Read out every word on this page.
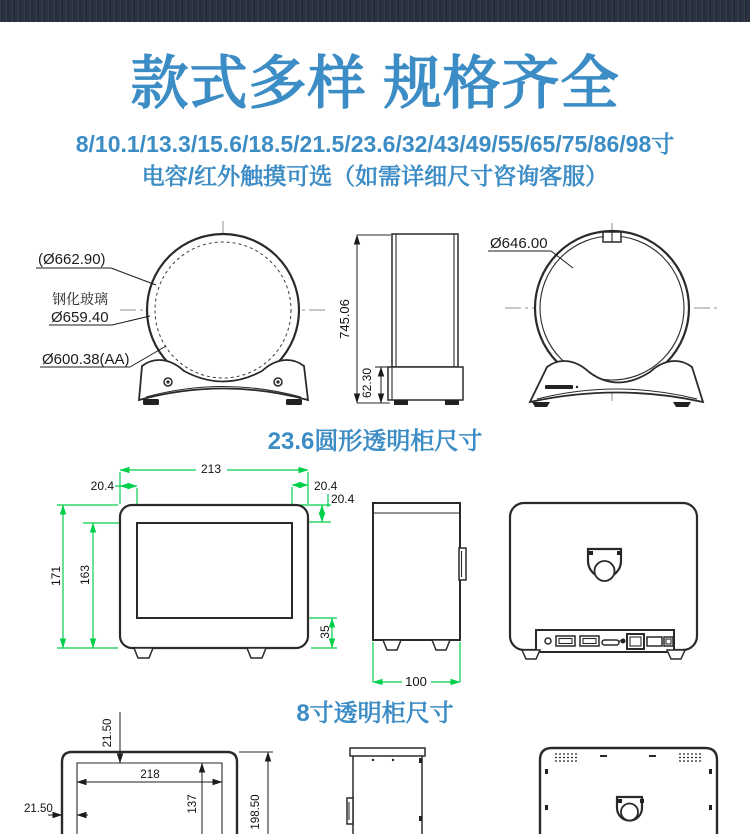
款式多样 规格齐全
8/10.1/13.3/15.6/18.5/21.5/23.6/32/43/49/55/65/75/86/98寸
电容/红外触摸可选（如需详细尺寸咨询客服）
(Ø662.90)
钢化玻璃
Ø659.40
Ø600.38(AA)
745.06
62.30
Ø646.00
23.6圆形透明柜尺寸
213
20.4	20.4
20.4
171 163
35
100
8寸透明柜尺寸
21.50
218
137	198.50
21.50
